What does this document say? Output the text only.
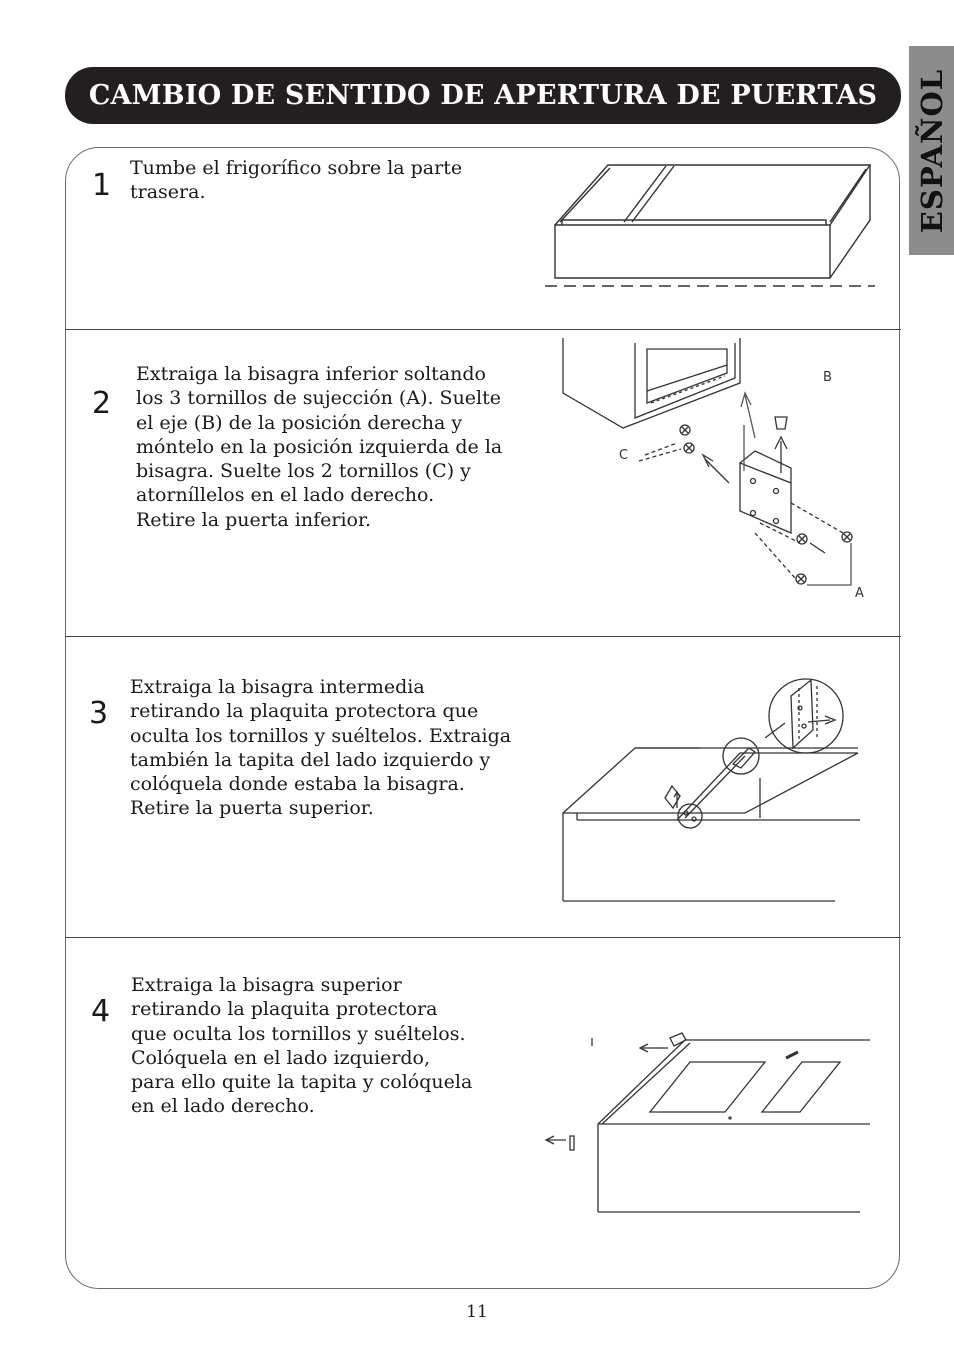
CAMBIO DE SENTIDO DE APERTURA DE PUERTAS	ESPAÑOL
1 Tumbe el frigorífico sobre la parte
trasera.
2
Extraiga la bisagra inferior soltando
los 3 tornillos de sujección (A). Suelte
el eje (B) de la posición derecha y
móntelo en la posición izquierda de la
bisagra. Suelte los 2 tornillos (C) y
atorníllelos en el lado derecho.
Retire la puerta inferior.
B
C
A
3
Extraiga la bisagra intermedia
retirando la plaquita protectora que
oculta los tornillos y suéltelos. Extraiga
también la tapita del lado izquierdo y
colóquela donde estaba la bisagra.
Retire la puerta superior.
4
Extraiga la bisagra superior
retirando la plaquita protectora
que oculta los tornillos y suéltelos.
Colóquela en el lado izquierdo,
para ello quite la tapita y colóquela
en el lado derecho.
11
